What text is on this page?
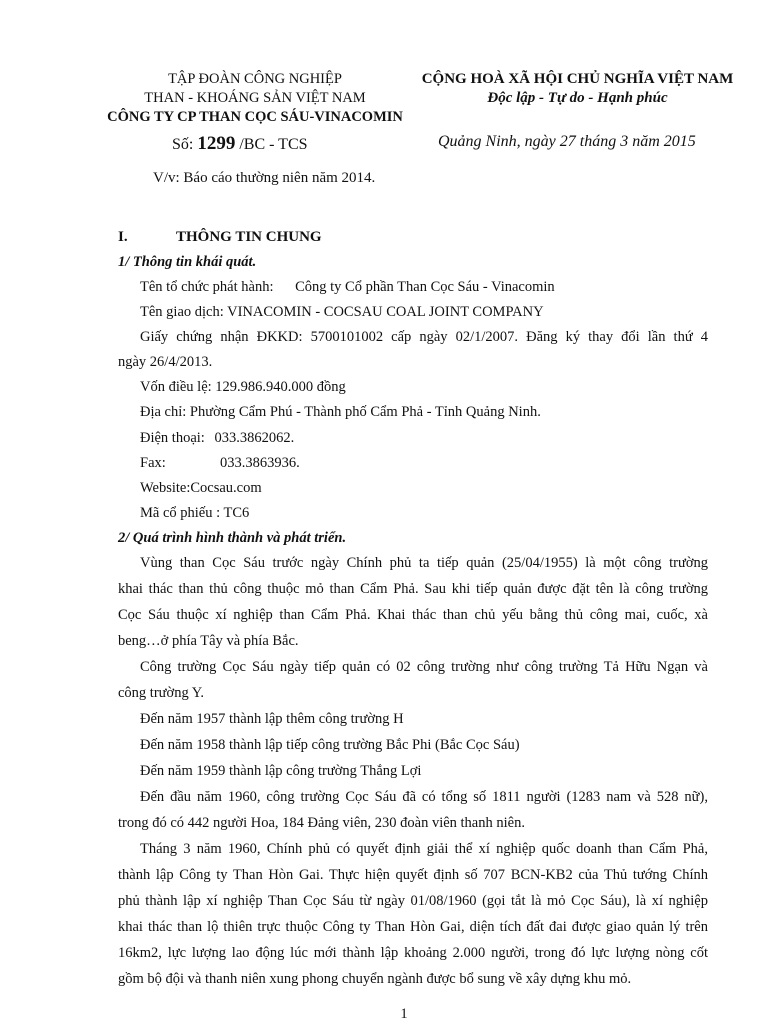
TẬP ĐOÀN CÔNG NGHIỆP
THAN - KHOÁNG SẢN VIỆT NAM
CÔNG TY CP THAN CỌC SÁU-VINACOMIN
CỘNG HOÀ XÃ HỘI CHỦ NGHĨA VIỆT NAM
Độc lập - Tự do - Hạnh phúc
Số: 1299 /BC - TCS	Quảng Ninh, ngày 27 tháng 3 năm 2015
V/v: Báo cáo thường niên năm 2014.
I.	THÔNG TIN CHUNG
1/ Thông tin khái quát.
Tên tổ chức phát hành: Công ty Cổ phần Than Cọc Sáu - Vinacomin
Tên giao dịch: VINACOMIN - COCSAU COAL JOINT COMPANY
Giấy chứng nhận ĐKKD: 5700101002 cấp ngày 02/1/2007. Đăng ký thay đổi lần thứ 4
ngày 26/4/2013.
Vốn điều lệ: 129.986.940.000 đồng
Địa chỉ: Phường Cẩm Phú - Thành phố Cẩm Phả - Tỉnh Quảng Ninh.
Điện thoại: 033.3862062.
Fax:	033.3863936.
Website:Cocsau.com
Mã cổ phiếu : TC6
2/ Quá trình hình thành và phát triển.
Vùng than Cọc Sáu trước ngày Chính phủ ta tiếp quản (25/04/1955) là một công trường
khai thác than thủ công thuộc mỏ than Cẩm Phả. Sau khi tiếp quản được đặt tên là công trường
Cọc Sáu thuộc xí nghiệp than Cẩm Phả. Khai thác than chủ yếu bằng thủ công mai, cuốc, xà
beng…ở phía Tây và phía Bắc.
Công trường Cọc Sáu ngày tiếp quản có 02 công trường như công trường Tả Hữu Ngạn và
công trường Y.
Đến năm 1957 thành lập thêm công trường H
Đến năm 1958 thành lập tiếp công trường Bắc Phi (Bắc Cọc Sáu)
Đến năm 1959 thành lập công trường Thắng Lợi
Đến đầu năm 1960, công trường Cọc Sáu đã có tổng số 1811 người (1283 nam và 528 nữ),
trong đó có 442 người Hoa, 184 Đảng viên, 230 đoàn viên thanh niên.
Tháng 3 năm 1960, Chính phủ có quyết định giải thể xí nghiệp quốc doanh than Cẩm Phả,
thành lập Công ty Than Hòn Gai. Thực hiện quyết định số 707 BCN-KB2 của Thủ tướng Chính
phủ thành lập xí nghiệp Than Cọc Sáu từ ngày 01/08/1960 (gọi tắt là mỏ Cọc Sáu), là xí nghiệp
khai thác than lộ thiên trực thuộc Công ty Than Hòn Gai, diện tích đất đai được giao quản lý trên
16km2, lực lượng lao động lúc mới thành lập khoảng 2.000 người, trong đó lực lượng nòng cốt
gồm bộ đội và thanh niên xung phong chuyển ngành được bổ sung về xây dựng khu mỏ.
1
